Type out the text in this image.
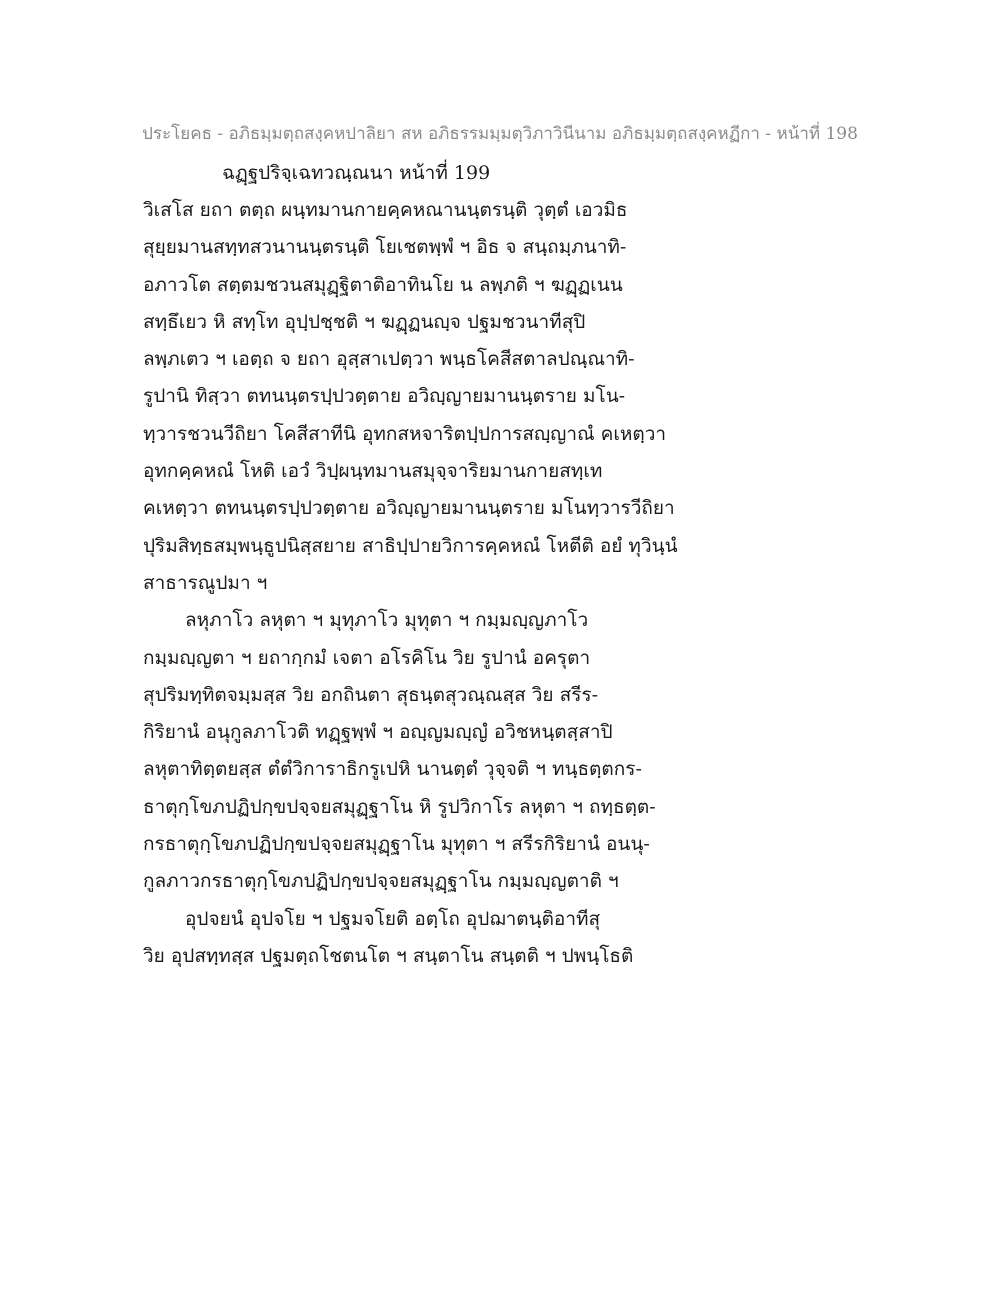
ประโยคธ - อภิธมฺมตฺถสงฺคหปาลิยา สห อภิธรรมมฺมตฺวิภาวินีนาม อภิธมฺมตฺถสงฺคหฏีกา - หน้าที่ 198
ฉฏฺฐปริจฺเฉทวณฺณนา หน้าที่ 199
วิเสโส ยถา ตตฺถ ผนฺทมานกายคฺคหณานนฺตรนฺติ วุตฺตํ เอวมิธ
สุยฺยมานสทฺทสวนานนฺตรนฺติ โยเชตพฺพํ ฯ อิธ จ สนฺถมฺภนาทิ-
อภาวโต สตฺตมชวนสมุฏฺฐิตาติอาทินโย น ลพฺภติ ฯ ฆฏฺฏเนน
สทฺธึเยว หิ สทฺโท อุปฺปชฺชติ ฯ ฆฏฺฏนญฺจ ปฐมชวนาทีสุปิ
ลพฺภเตว ฯ เอตฺถ จ ยถา อุสฺสาเปตฺวา พนฺธโคสีสตาลปณฺณาทิ-
รูปานิ ทิสฺวา ตทนนฺตรปฺปวตฺตาย อวิญฺญายมานนฺตราย มโน-
ทฺวารชวนวีถิยา โคสีสาทีนิ อุทกสหจาริตปฺปการสญฺญาณํ คเหตฺวา
อุทกคฺคหณํ โหติ เอวํ วิปฺผนฺทมานสมุจฺจาริยมานกายสทฺเท
คเหตฺวา ตทนนฺตรปฺปวตฺตาย อวิญฺญายมานนฺตราย มโนทฺวารวีถิยา
ปุริมสิทฺธสมฺพนฺธูปนิสฺสยาย สาธิปฺปายวิการคฺคหณํ โหตีติ อยํ ทุวินฺนํ
สาธารณูปมา ฯ
ลหุภาโว ลหุตา ฯ มุทุภาโว มุทุตา ฯ กมฺมญฺญภาโว
กมฺมญฺญตา ฯ ยถากฺกมํ เจตา อโรคิโน วิย รูปานํ อครุตา
สุปริมทฺทิตจมฺมสฺส วิย อกถินตา สุธนฺตสุวณฺณสฺส วิย สรีร-
กิริยานํ อนุกูลภาโวติ ทฏฺฐพฺพํ ฯ อญฺญมญฺญํ อวิชหนฺตสฺสาปิ
ลหุตาทิตฺตยสฺส ตํตํวิการาธิกรูเปหิ นานตฺตํ วุจฺจติ ฯ ทนฺธตฺตกร-
ธาตุกฺโขภปฏิปกฺขปจฺจยสมุฏฺฐาโน หิ รูปวิกาโร ลหุตา ฯ ถทฺธตฺต-
กรธาตุกฺโขภปฏิปกฺขปจฺจยสมุฏฺฐาโน มุทุตา ฯ สรีรกิริยานํ อนนุ-
กูลภาวกรธาตุกฺโขภปฏิปกฺขปจฺจยสมุฏฺฐาโน กมฺมญฺญตาติ ฯ
อุปจยนํ อุปจโย ฯ ปฐมจโยติ อตฺโถ อุปฌาตนฺติอาทีสุ
วิย อุปสทฺทสฺส ปฐมตฺถโชตนโต ฯ สนฺตาโน สนฺตติ ฯ ปพนฺโธติ
